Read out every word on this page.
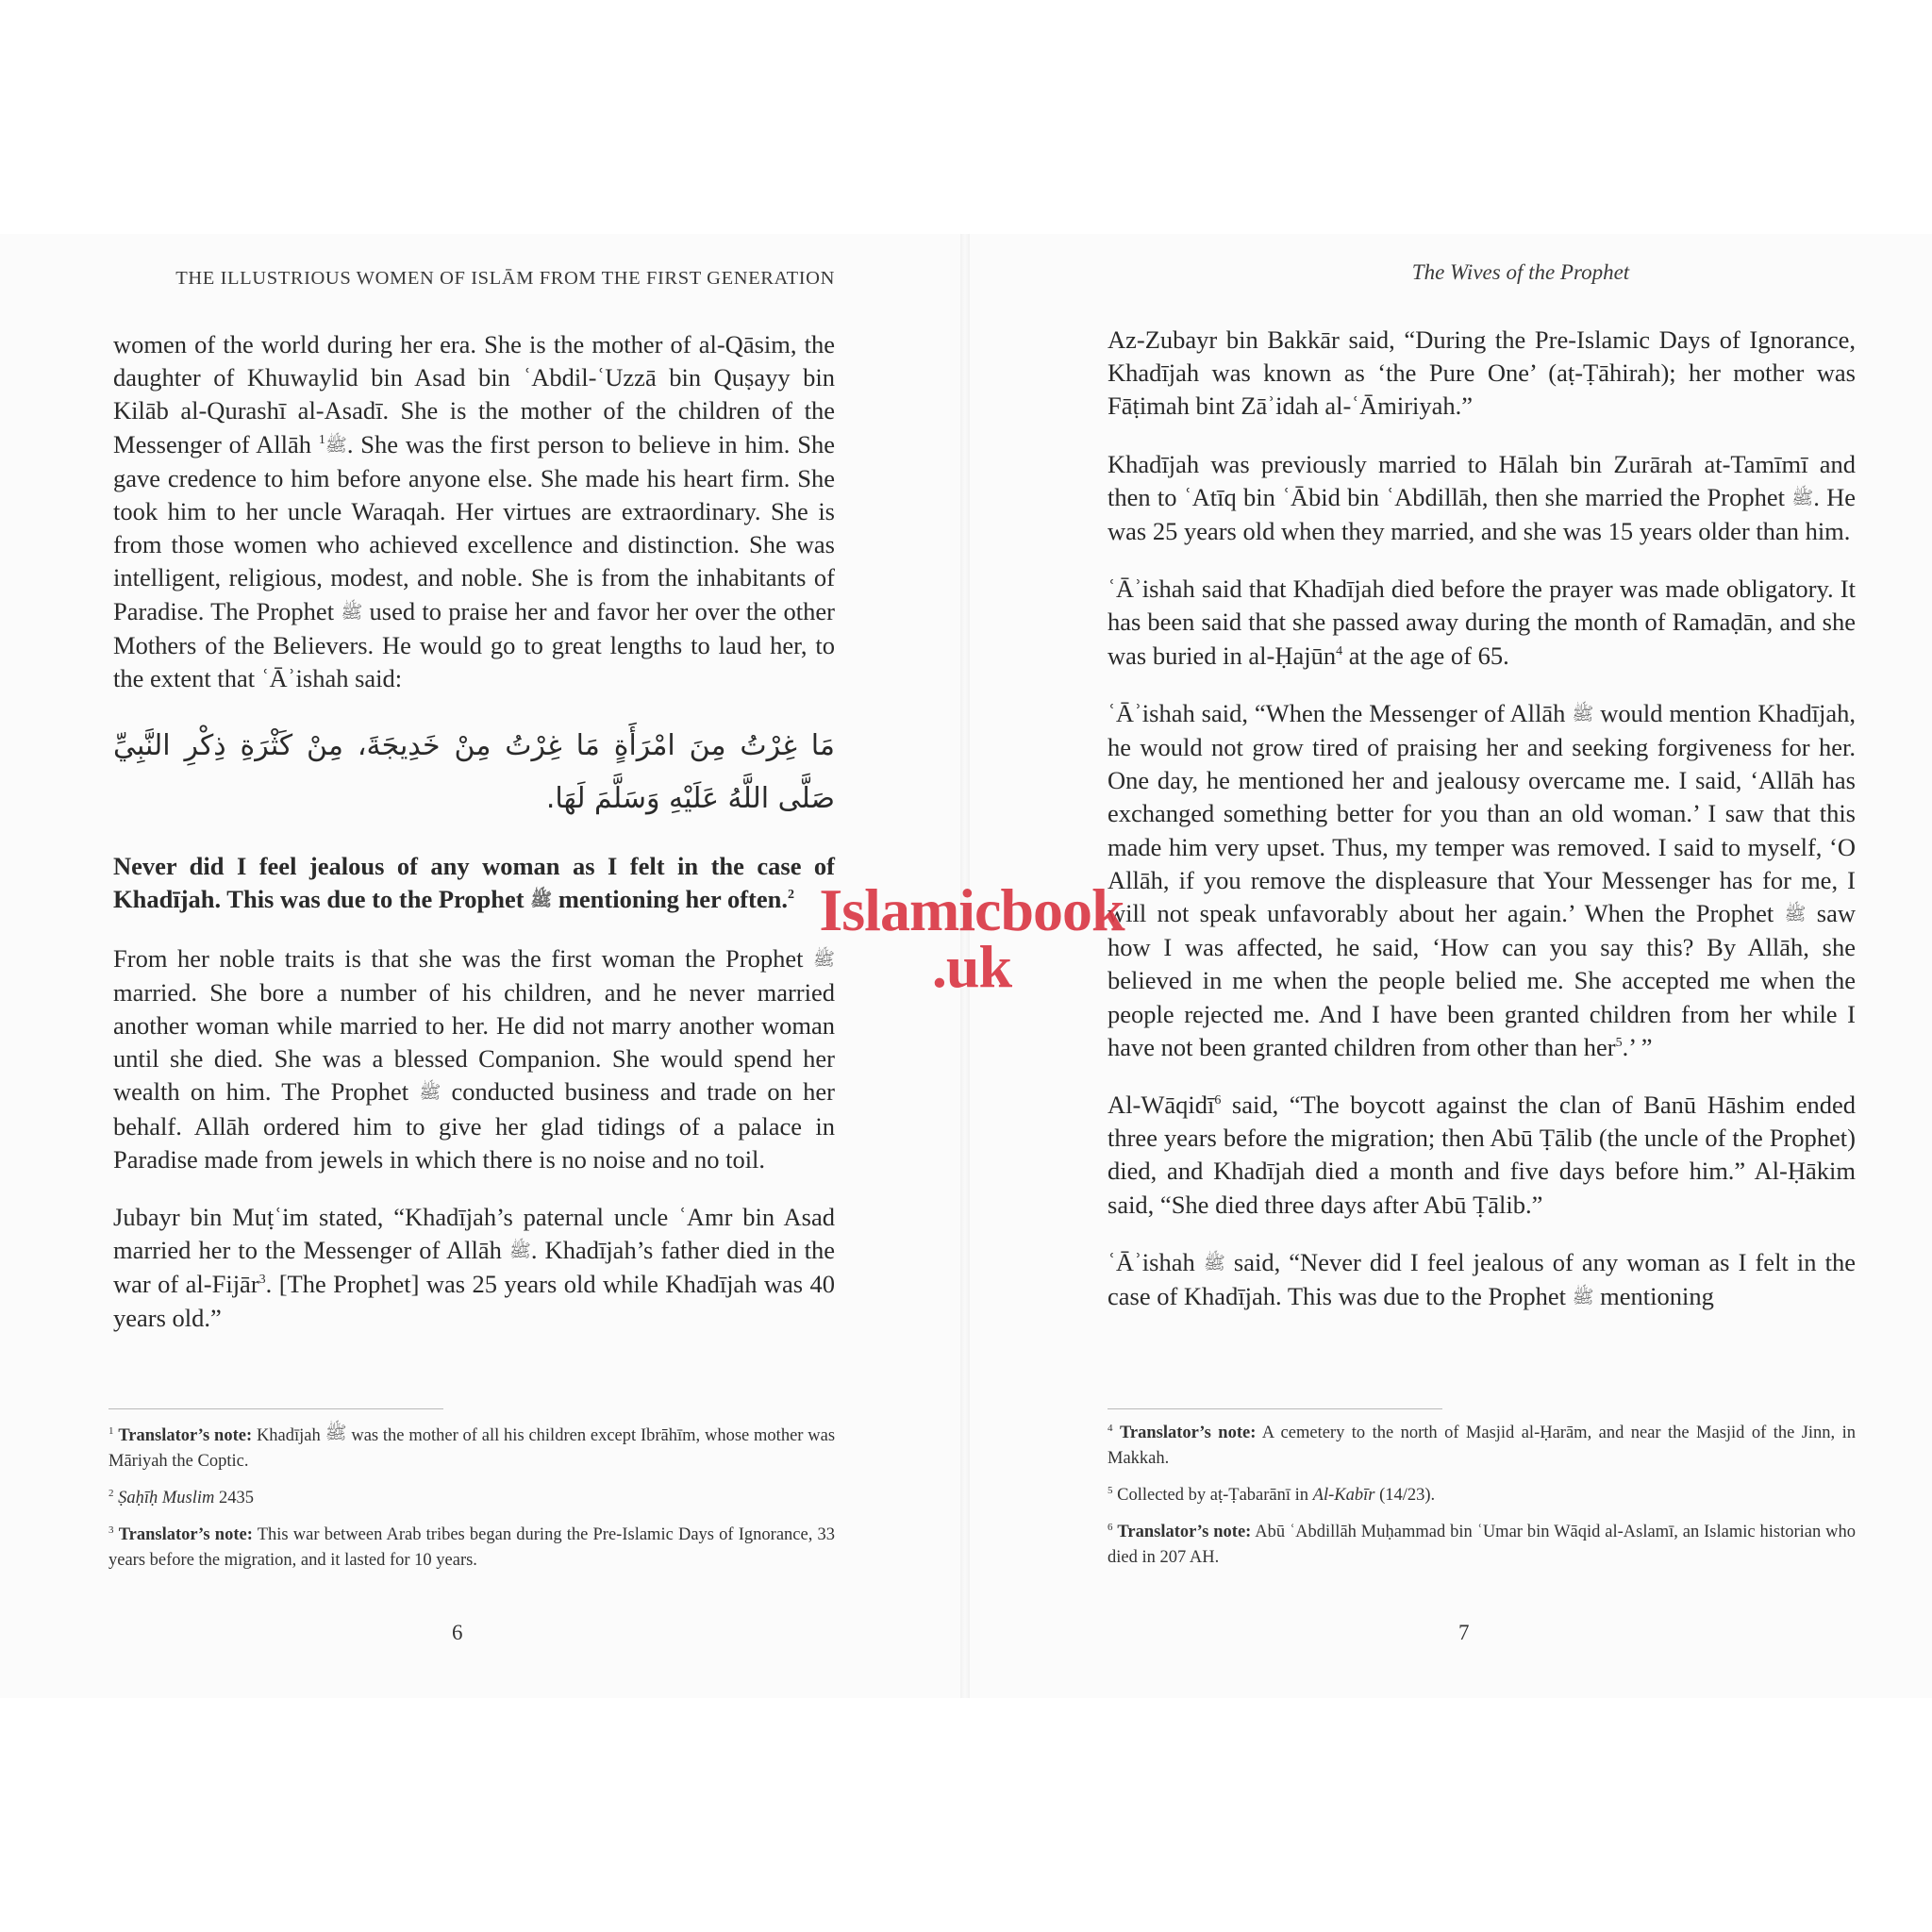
THE ILLUSTRIOUS WOMEN OF ISLĀM FROM THE FIRST GENERATION

women of the world during her era. She is the mother of al-Qāsim, the daughter of Khuwaylid bin Asad bin ʿAbdil-ʿUzzā bin Quṣayy bin Kilāb al-Qurashī al-Asadī. She is the mother of the children of the Messenger of Allāh ﷺ$^1$ . She was the first person to believe in him. She gave credence to him before anyone else. She made his heart firm. She took him to her uncle Waraqah. Her virtues are extraordinary. She is from those women who achieved excellence and distinction. She was intelligent, religious, modest, and noble. She is from the inhabitants of Paradise. The Prophet ﷺ used to praise her and favor her over the other Mothers of the Believers. He would go to great lengths to laud her, to the extent that ʿĀʾishah said:

مَا غِرْتُ مِنَ امْرَأَةٍ مَا غِرْتُ مِنْ خَدِيجَةَ، مِنْ كَثْرَةِ ذِكْرِ النَّبِيِّ صَلَّى اللَّهُ عَلَيْهِ وَسَلَّمَ لَهَا.

Never did I feel jealous of any woman as I felt in the case of Khadījah. This was due to the Prophet ﷺ mentioning her often.$^2$

From her noble traits is that she was the first woman the Prophet ﷺ married. She bore a number of his children, and he never married another woman while married to her. He did not marry another woman until she died. She was a blessed Companion. She would spend her wealth on him. The Prophet ﷺ conducted business and trade on her behalf. Allāh ordered him to give her glad tidings of a palace in Paradise made from jewels in which there is no noise and no toil.

Jubayr bin Muṭʿim stated, “Khadījah’s paternal uncle ʿAmr bin Asad married her to the Messenger of Allāh ﷺ. Khadījah’s father died in the war of al-Fijār$^3$. [The Prophet] was 25 years old while Khadījah was 40 years old.”

$^1$ Translator’s note: Khadījah ﷺ was the mother of all his children except Ibrāhīm, whose mother was Māriyah the Coptic.

$^2$ Ṣaḥīḥ Muslim 2435

$^3$ Translator’s note: This war between Arab tribes began during the Pre-Islamic Days of Ignorance, 33 years before the migration, and it lasted for 10 years.

6
The Wives of the Prophet

Az-Zubayr bin Bakkār said, “During the Pre-Islamic Days of Ignorance, Khadījah was known as ‘the Pure One’ (aṭ-Ṭāhirah); her mother was Fāṭimah bint Zāʾidah al-ʿĀmiriyah.”

Khadījah was previously married to Hālah bin Zurārah at-Tamīmī and then to ʿAtīq bin ʿĀbid bin ʿAbdillāh, then she married the Prophet ﷺ. He was 25 years old when they married, and she was 15 years older than him.

ʿĀʾishah said that Khadījah died before the prayer was made obligatory. It has been said that she passed away during the month of Ramaḍān, and she was buried in al-Ḥajūn$^4$ at the age of 65.

ʿĀʾishah said, “When the Messenger of Allāh ﷺ would mention Khadījah, he would not grow tired of praising her and seeking forgiveness for her. One day, he mentioned her and jealousy overcame me. I said, ‘Allāh has exchanged something better for you than an old woman.’ I saw that this made him very upset. Thus, my temper was removed. I said to myself, ‘O Allāh, if you remove the displeasure that Your Messenger has for me, I will not speak unfavorably about her again.’ When the Prophet ﷺ saw how I was affected, he said, ‘How can you say this? By Allāh, she believed in me when the people belied me. She accepted me when the people rejected me. And I have been granted children from her while I have not been granted children from other than her$^5$.’ ”

Al-Wāqidī$^6$ said, “The boycott against the clan of Banū Hāshim ended three years before the migration; then Abū Ṭālib (the uncle of the Prophet) died, and Khadījah died a month and five days before him.” Al-Ḥākim said, “She died three days after Abū Ṭālib.”

ʿĀʾishah ﷺ said, “Never did I feel jealous of any woman as I felt in the case of Khadījah. This was due to the Prophet ﷺ mentioning

$^4$ Translator’s note: A cemetery to the north of Masjid al-Ḥarām, and near the Masjid of the Jinn, in Makkah.

$^5$ Collected by aṭ-Ṭabarānī in Al-Kabīr (14/23).

$^6$ Translator’s note: Abū ʿAbdillāh Muḥammad bin ʿUmar bin Wāqid al-Aslamī, an Islamic historian who died in 207 AH.

7
Islamicbook
.uk
